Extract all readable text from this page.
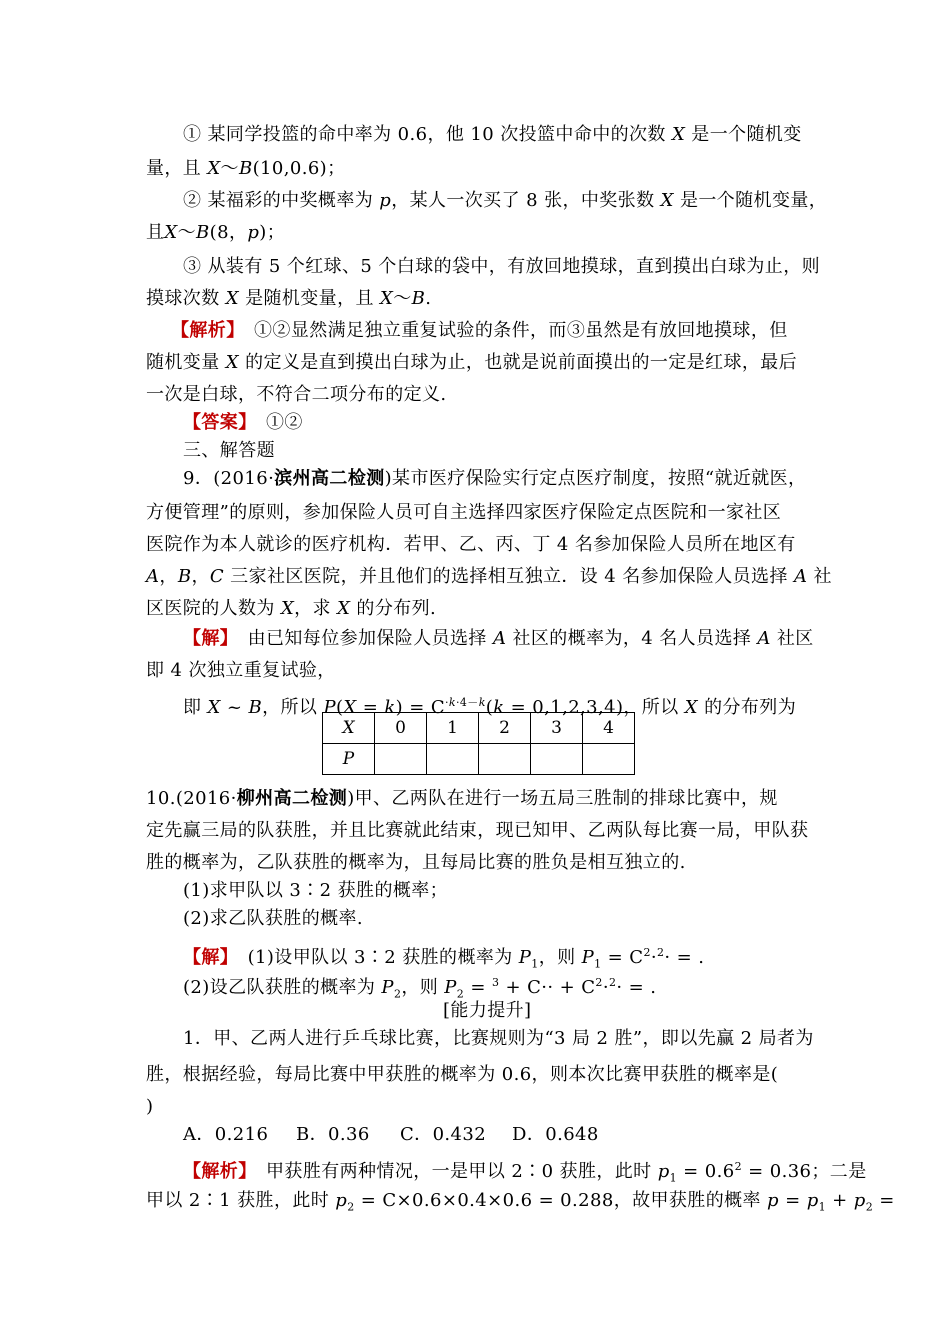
① 某同学投篮的命中率为 0.6，他 10 次投篮中命中的次数 X 是一个随机变
量，且 X～B(10,0.6)；
② 某福彩的中奖概率为 p，某人一次买了 8 张，中奖张数 X 是一个随机变量，
且X～B(8，p)；
③ 从装有 5 个红球、5 个白球的袋中，有放回地摸球，直到摸出白球为止，则
摸球次数 X 是随机变量，且 X～B.
【解析】　 ①②显然满足独立重复试验的条件，而③虽然是有放回地摸球，但
随机变量 X 的定义是直到摸出白球为止，也就是说前面摸出的一定是红球，最后
一次是白球，不符合二项分布的定义.
【答案】　 ①②
三、解答题
9．(2016·滨州高二检测)某市医疗保险实行定点医疗制度，按照“就近就医，
方便管理”的原则，参加保险人员可自主选择四家医疗保险定点医院和一家社区
医院作为本人就诊的医疗机构．若甲、乙、丙、丁 4 名参加保险人员所在地区有
A，B，C 三家社区医院，并且他们的选择相互独立．设 4 名参加保险人员选择 A 社
区医院的人数为 X，求 X 的分布列.
【解】　 由已知每位参加保险人员选择 A 社区的概率为，4 名人员选择 A 社区
即 4 次独立重复试验，
即 X ~ B，所以 $P(X = k) = C^{\cdot k\cdot 4-k}(k = 0,1,2,3,4)$，所以 X 的分布列为
X	0	1	2	3	4
P					
10.(2016·柳州高二检测)甲、乙两队在进行一场五局三胜制的排球比赛中，规
定先赢三局的队获胜，并且比赛就此结束，现已知甲、乙两队每比赛一局，甲队获
胜的概率为，乙队获胜的概率为，且每局比赛的胜负是相互独立的.
(1)求甲队以 3∶2 获胜的概率；
(2)求乙队获胜的概率.
【解】　 (1)设甲队以 3∶2 获胜的概率为 $P_1$，则 $P_1 = C^2\cdot^2\cdot$ = .
(2)设乙队获胜的概率为 $P_2$，则 $P_2 = ^3 + C\cdot\cdot + C^2\cdot^2\cdot$ = .
[能力提升]
1．甲、乙两人进行乒乓球比赛，比赛规则为“3 局 2 胜”，即以先赢 2 局者为
胜，根据经验，每局比赛中甲获胜的概率为 0.6，则本次比赛甲获胜的概率是(
)
A．0.216 B．0.36 C．0.432 D．0.648
【解析】　 甲获胜有两种情况，一是甲以 2∶0 获胜，此时 $p_1 = 0.6^2 = 0.36$；二是
甲以 2∶1 获胜，此时 $p_2 = C\times 0.6\times 0.4\times 0.6 = 0.288$，故甲获胜的概率 $p = p_1 + p_2$ =
